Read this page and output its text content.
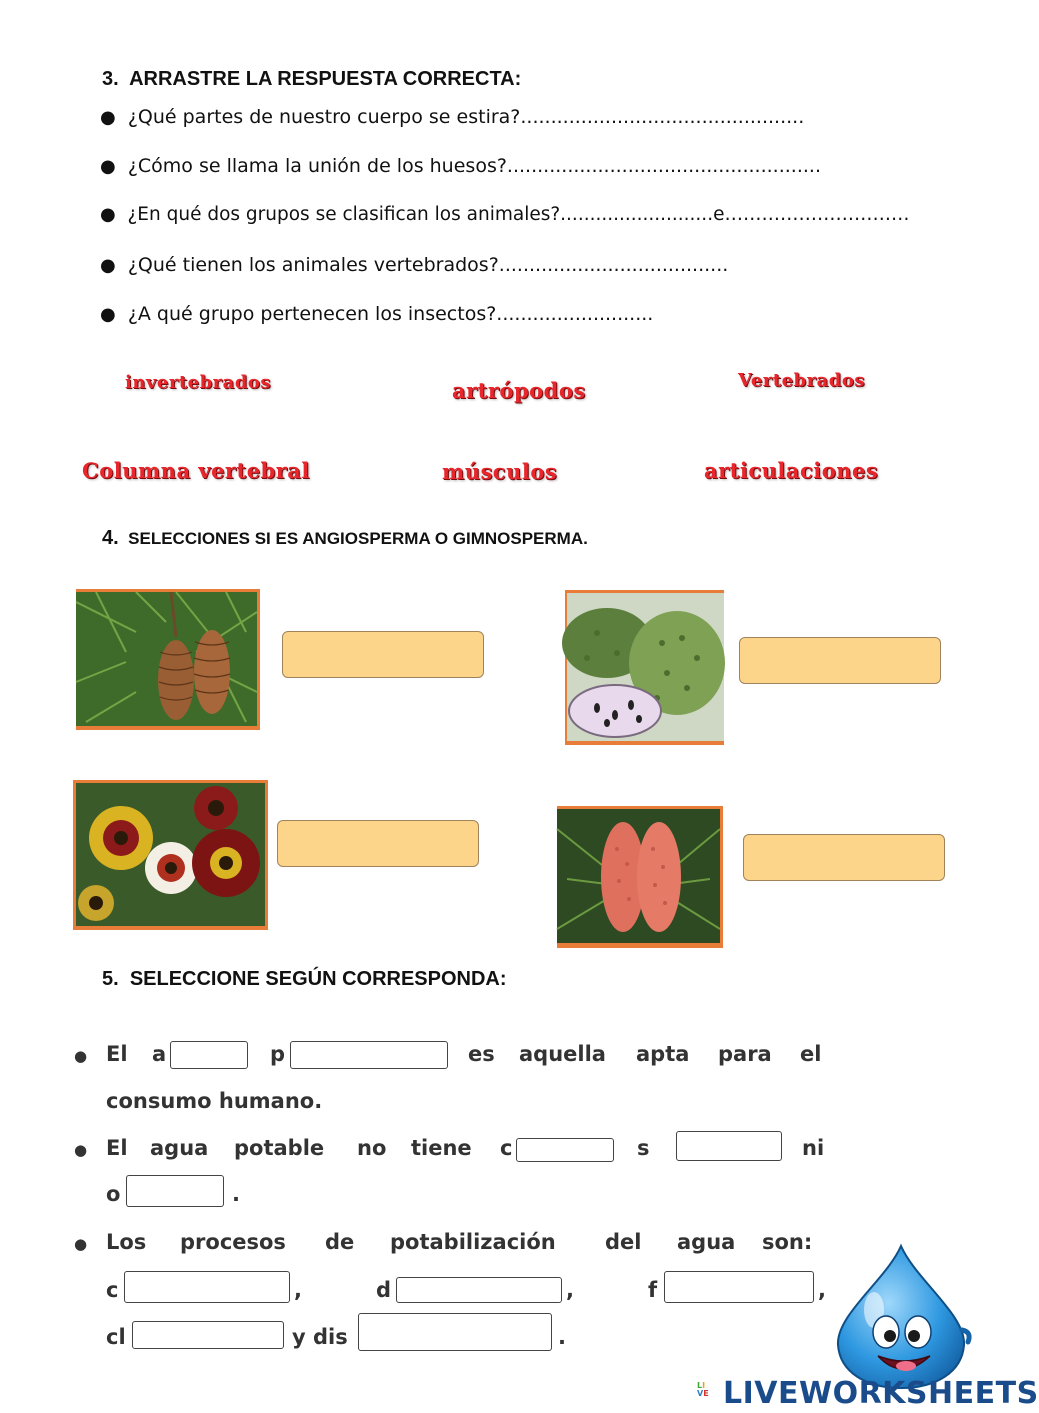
3. ARRASTRE LA RESPUESTA CORRECTA:
● ¿Qué partes de nuestro cuerpo se estira?...............................................
● ¿Cómo se llama la unión de los huesos?....................................................
● ¿En qué dos grupos se clasifican los animales?..........................e…………………………
● ¿Qué tienen los animales vertebrados?......................................
● ¿A qué grupo pertenecen los insectos?..........................
invertebrados	artrópodos	Vertebrados
Columna vertebral	músculos	articulaciones
4. SELECCIONES SI ES ANGIOSPERMA O GIMNOSPERMA.
5. SELECCIONE SEGÚN CORRESPONDA:
● El a	p	es aquella apta para el
consumo humano.
● El agua potable no tiene c	s	ni
o	.
● Los procesos de potabilización del agua son:
c	,	d	,	f	,
cl	y dis	.
LI
VE LIVEWORKSHEETS
